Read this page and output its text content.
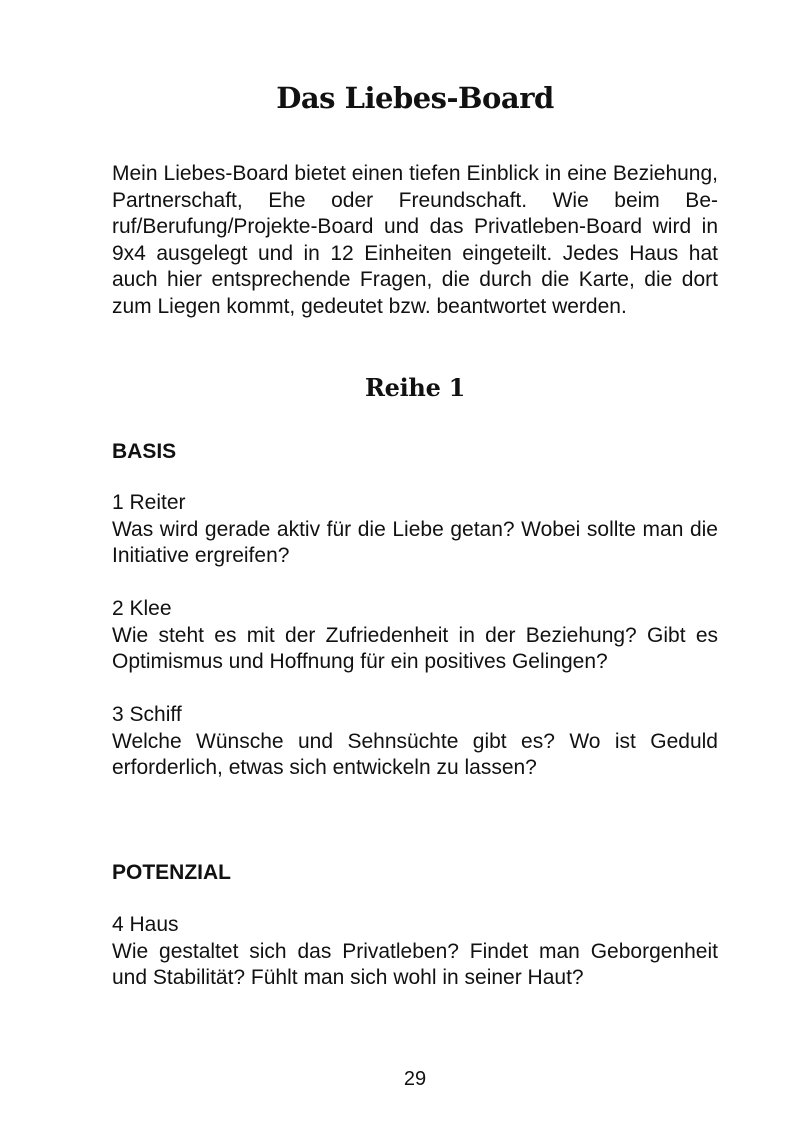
Das Liebes-Board

Mein Liebes-Board bietet einen tiefen Einblick in eine Beziehung, Partnerschaft, Ehe oder Freundschaft. Wie beim Beruf/Berufung/Projekte-Board und das Privatleben-Board wird in 9x4 ausgelegt und in 12 Einheiten eingeteilt. Jedes Haus hat auch hier entsprechende Fragen, die durch die Karte, die dort zum Liegen kommt, gedeutet bzw. beantwortet werden.

Reihe 1
BASIS

1 Reiter

Was wird gerade aktiv für die Liebe getan? Wobei sollte man die Initiative ergreifen?

2 Klee

Wie steht es mit der Zufriedenheit in der Beziehung? Gibt es Optimismus und Hoffnung für ein positives Gelingen?

3 Schiff

Welche Wünsche und Sehnsüchte gibt es? Wo ist Geduld erforderlich, etwas sich entwickeln zu lassen?

POTENZIAL

4 Haus

Wie gestaltet sich das Privatleben? Findet man Geborgenheit und Stabilität? Fühlt man sich wohl in seiner Haut?

29
